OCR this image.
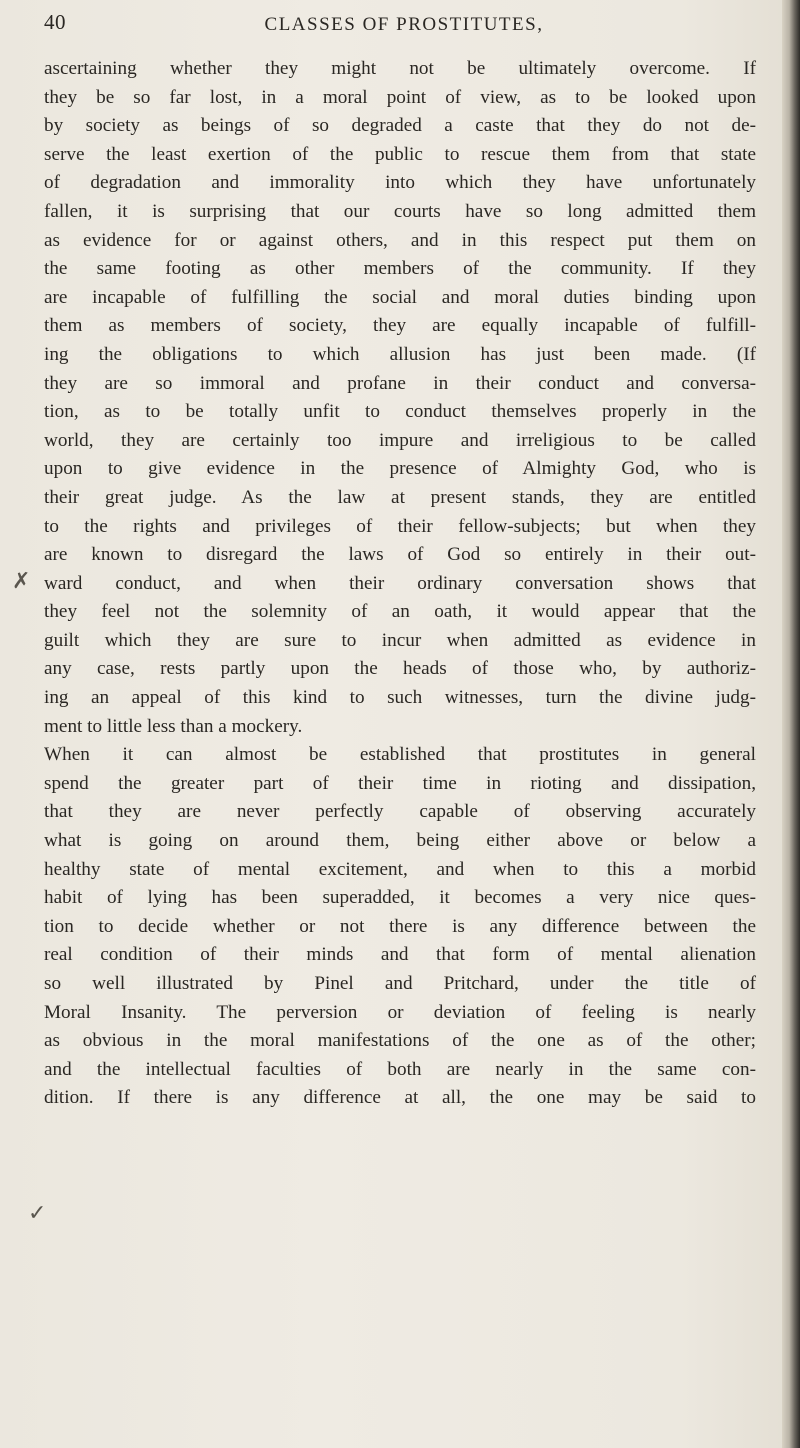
40	CLASSES OF PROSTITUTES,
✗
✓
ascertaining whether they might not be ultimately overcome. If
they be so far lost, in a moral point of view, as to be looked upon
by society as beings of so degraded a caste that they do not de-
serve the least exertion of the public to rescue them from that state
of degradation and immorality into which they have unfortunately
fallen, it is surprising that our courts have so long admitted them
as evidence for or against others, and in this respect put them on
the same footing as other members of the community. If they
are incapable of fulfilling the social and moral duties binding upon
them as members of society, they are equally incapable of fulfill-
ing the obligations to which allusion has just been made. (If
they are so immoral and profane in their conduct and conversa-
tion, as to be totally unfit to conduct themselves properly in the
world, they are certainly too impure and irreligious to be called
upon to give evidence in the presence of Almighty God, who is
their great judge. As the law at present stands, they are entitled
to the rights and privileges of their fellow-subjects; but when they
are known to disregard the laws of God so entirely in their out-
ward conduct, and when their ordinary conversation shows that
they feel not the solemnity of an oath, it would appear that the
guilt which they are sure to incur when admitted as evidence in
any case, rests partly upon the heads of those who, by authoriz-
ing an appeal of this kind to such witnesses, turn the divine judg-
ment to little less than a mockery.
When it can almost be established that prostitutes in general
spend the greater part of their time in rioting and dissipation,
that they are never perfectly capable of observing accurately
what is going on around them, being either above or below a
healthy state of mental excitement, and when to this a morbid
habit of lying has been superadded, it becomes a very nice ques-
tion to decide whether or not there is any difference between the
real condition of their minds and that form of mental alienation
so well illustrated by Pinel and Pritchard, under the title of
Moral Insanity. The perversion or deviation of feeling is nearly
as obvious in the moral manifestations of the one as of the other;
and the intellectual faculties of both are nearly in the same con-
dition. If there is any difference at all, the one may be said to
